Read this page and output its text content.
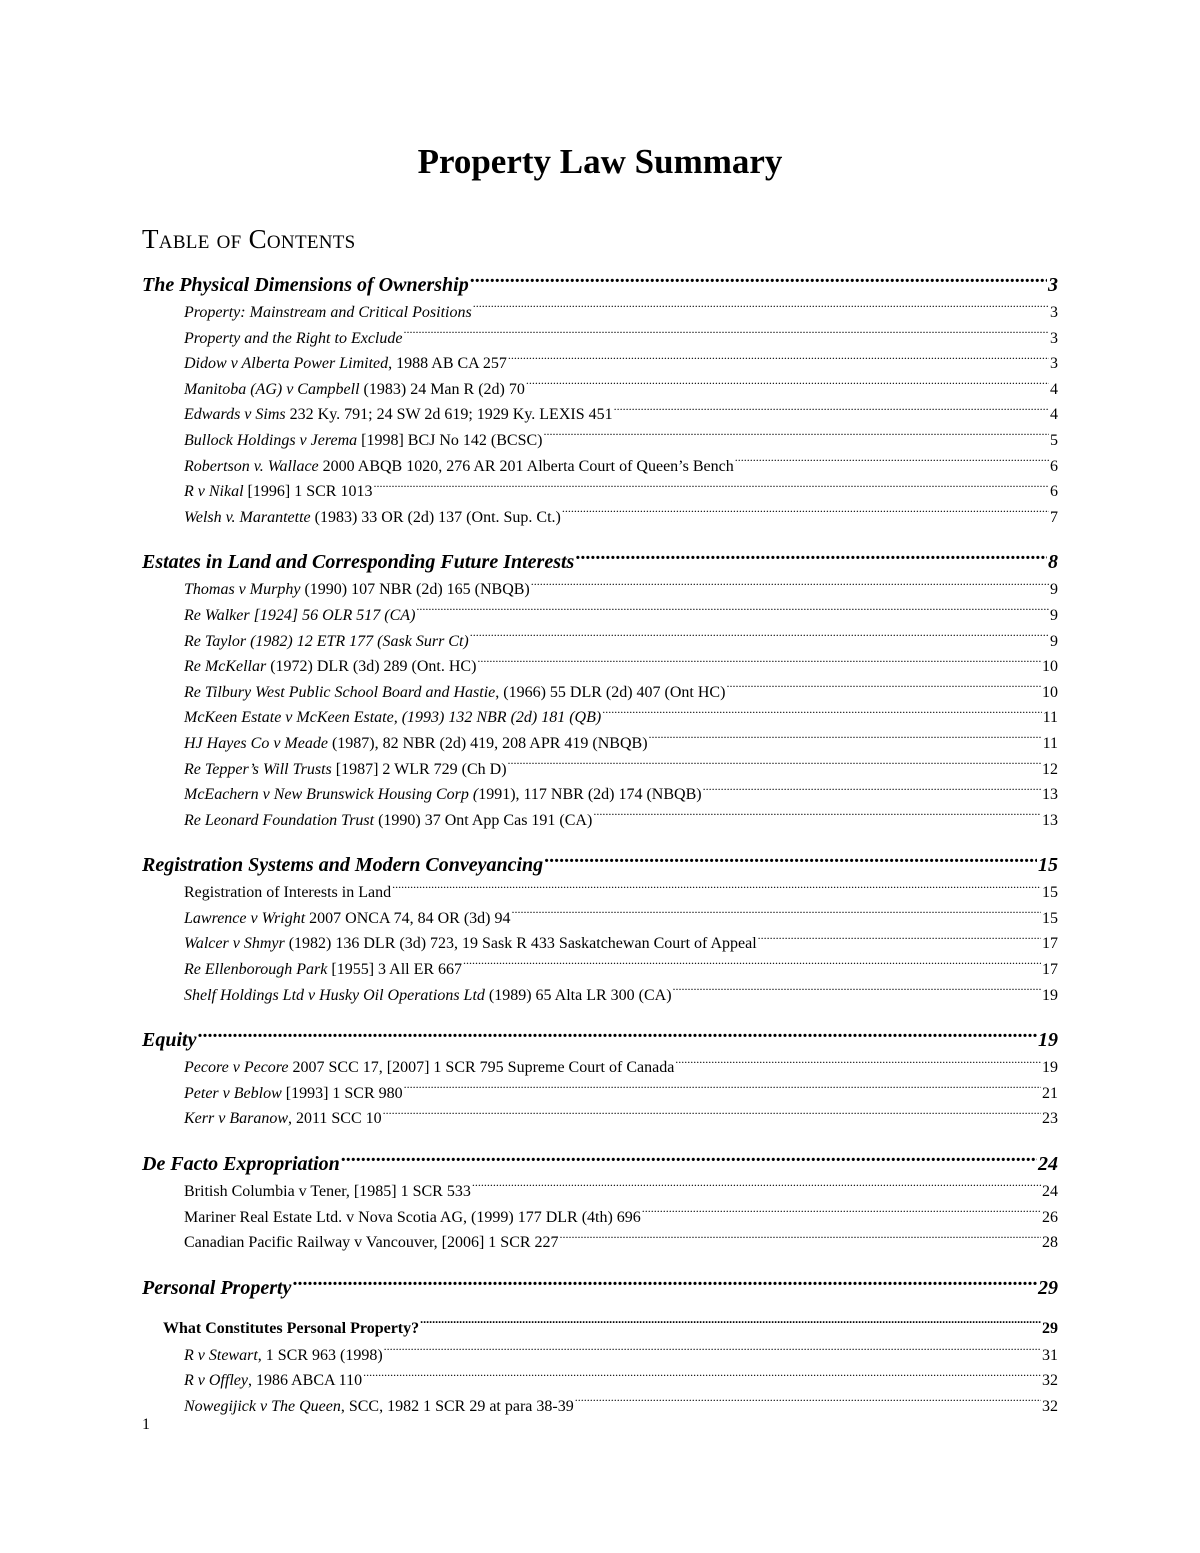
Property Law Summary
Table of Contents
The Physical Dimensions of Ownership .....	3
Property: Mainstream and Critical Positions .....	3
Property and the Right to Exclude .....	3
Didow v Alberta Power Limited, 1988 AB CA 257 .....	3
Manitoba (AG) v Campbell (1983) 24 Man R (2d) 70 .....	4
Edwards v Sims 232 Ky. 791; 24 SW 2d 619; 1929 Ky. LEXIS 451 .....	4
Bullock Holdings v Jerema [1998] BCJ No 142 (BCSC) .....	5
Robertson v. Wallace 2000 ABQB 1020, 276 AR 201 Alberta Court of Queen’s Bench .....	6
R v Nikal [1996] 1 SCR 1013 .....	6
Welsh v. Marantette (1983) 33 OR (2d) 137 (Ont. Sup. Ct.) .....	7
Estates in Land and Corresponding Future Interests .....	8
Thomas v Murphy (1990) 107 NBR (2d) 165 (NBQB) .....	9
Re Walker [1924] 56 OLR 517 (CA) .....	9
Re Taylor (1982) 12 ETR 177 (Sask Surr Ct) .....	9
Re McKellar (1972) DLR (3d) 289 (Ont. HC) .....	10
Re Tilbury West Public School Board and Hastie, (1966) 55 DLR (2d) 407 (Ont HC) .....	10
McKeen Estate v McKeen Estate, (1993) 132 NBR (2d) 181 (QB) .....	11
HJ Hayes Co v Meade (1987), 82 NBR (2d) 419, 208 APR 419 (NBQB) .....	11
Re Tepper’s Will Trusts [1987] 2 WLR 729 (Ch D) .....	12
McEachern v New Brunswick Housing Corp (1991), 117 NBR (2d) 174 (NBQB) .....	13
Re Leonard Foundation Trust (1990) 37 Ont App Cas 191 (CA) .....	13
Registration Systems and Modern Conveyancing .....	15
Registration of Interests in Land .....	15
Lawrence v Wright 2007 ONCA 74, 84 OR (3d) 94 .....	15
Walcer v Shmyr (1982) 136 DLR (3d) 723, 19 Sask R 433 Saskatchewan Court of Appeal .....	17
Re Ellenborough Park [1955] 3 All ER 667 .....	17
Shelf Holdings Ltd v Husky Oil Operations Ltd (1989) 65 Alta LR 300 (CA) .....	19
Equity .....	19
Pecore v Pecore 2007 SCC 17, [2007] 1 SCR 795 Supreme Court of Canada .....	19
Peter v Beblow [1993] 1 SCR 980 .....	21
Kerr v Baranow, 2011 SCC 10 .....	23
De Facto Expropriation .....	24
British Columbia v Tener, [1985] 1 SCR 533 .....	24
Mariner Real Estate Ltd. v Nova Scotia AG, (1999) 177 DLR (4th) 696 .....	26
Canadian Pacific Railway v Vancouver, [2006] 1 SCR 227 .....	28
Personal Property .....	29
What Constitutes Personal Property? .....	29
R v Stewart, 1 SCR 963 (1998) .....	31
R v Offley, 1986 ABCA 110 .....	32
Nowegijick v The Queen, SCC, 1982 1 SCR 29 at para 38-39 .....	32
1
